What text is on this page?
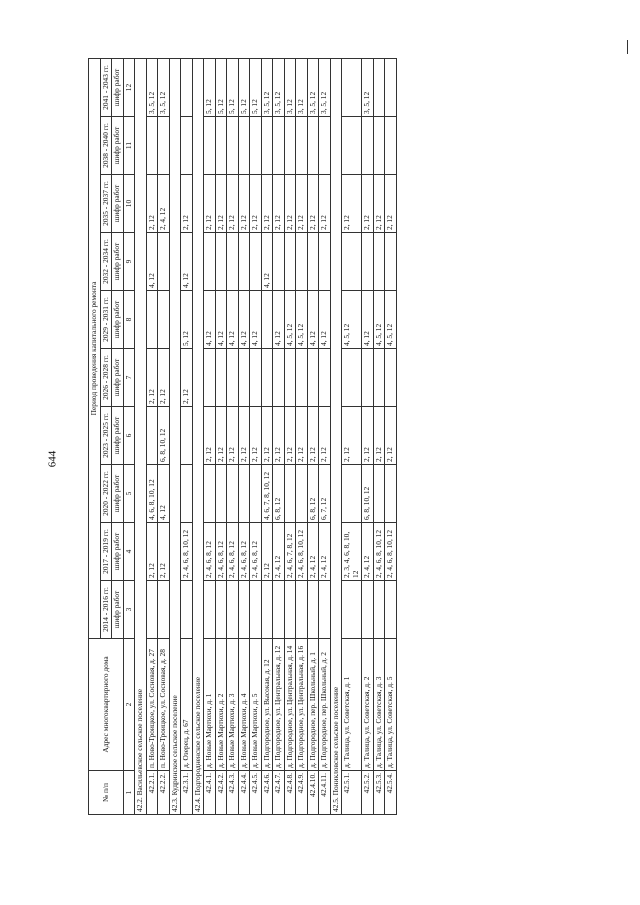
644
№ п/п	Адрес многоквартирного дома	Период проведения капитального ремонта									
		2014 - 2016 гг.	2017 - 2019 гг.	2020 - 2022 гг.	2023 - 2025 гг.	2026 - 2028 гг.	2029 - 2031 гг.	2032 - 2034 гг.	2035 - 2037 гг.	2038 - 2040 гг.	2041 - 2043 гг.
		шифр работ	шифр работ	шифр работ	шифр работ	шифр работ	шифр работ	шифр работ	шифр работ	шифр работ	шифр работ
1	2	3	4	5	6	7	8	9	10	11	12
42.2. Васильевское сельское поселение											
42.2.1.	п. Ново-Троицкое, ул. Сосновая, д. 27		2, 12	4, 6, 8, 10, 12		2, 12		4, 12	2, 12		3, 5, 12
42.2.2.	п. Ново-Троицкое, ул. Сосновая, д. 28		2, 12	4, 12	6, 8, 10, 12	2, 12			2, 4, 12		3, 5, 12
42.3. Кудринское сельское поселение											
42.3.1.	д. Озерец, д. 67		2, 4, 6, 8, 10, 12			2, 12	5, 12	4, 12	2, 12		
42.4. Подгородненское сельское поселение											
42.4.1.	д. Новые Мартюхи, д. 1		2, 4, 6, 8, 12		2, 12		4, 12		2, 12		5, 12
42.4.2.	д. Новые Мартюхи, д. 2		2, 4, 6, 8, 12		2, 12		4, 12		2, 12		5, 12
42.4.3.	д. Новые Мартюхи, д. 3		2, 4, 6, 8, 12		2, 12		4, 12		2, 12		5, 12
42.4.4.	д. Новые Мартюхи, д. 4		2, 4, 6, 8, 12		2, 12		4, 12		2, 12		5, 12
42.4.5.	д. Новые Мартюхи, д. 5		2, 4, 6, 8, 12		2, 12		4, 12		2, 12		5, 12
42.4.6.	д. Подгородное, ул. Высокая, д. 12		2, 12	4, 6, 7, 8, 10, 12	2, 12			4, 12	2, 12		3, 5, 12
42.4.7.	д. Подгородное, ул. Центральная, д. 12		2, 4, 12	6, 8, 12	2, 12		4, 12		2, 12		3, 5, 12
42.4.8.	д. Подгородное, ул. Центральная, д. 14		2, 4, 6, 7, 8, 12		2, 12		4, 5, 12		2, 12		3, 12
42.4.9.	д. Подгородное, ул. Центральная, д. 16		2, 4, 6, 8, 10, 12		2, 12		4, 5, 12		2, 12		3, 12
42.4.10.	д. Подгородное, пер. Школьный, д. 1		2, 4, 12	6, 8, 12	2, 12		4, 12		2, 12		3, 5, 12
42.4.11.	д. Подгородное, пер. Школьный, д. 2		2, 4, 12	6, 7, 12	2, 12		4, 12		2, 12		3, 5, 12
42.5. Поникловское сельское поселение											
42.5.1.	д. Талица, ул. Советская, д. 1		2, 3, 4, 6, 8, 10, 12		2, 12		4, 5, 12		2, 12		
42.5.2.	д. Талица, ул. Советская, д. 2		2, 4, 12	6, 8, 10, 12	2, 12		4, 12		2, 12		3, 5, 12
42.5.3.	д. Талица, ул. Советская, д. 3		2, 4, 6, 8, 10, 12		2, 12		4, 5, 12		2, 12		
42.5.4.	д. Талица, ул. Советская, д. 5		2, 4, 6, 8, 10, 12		2, 12		4, 5, 12		2, 12		
